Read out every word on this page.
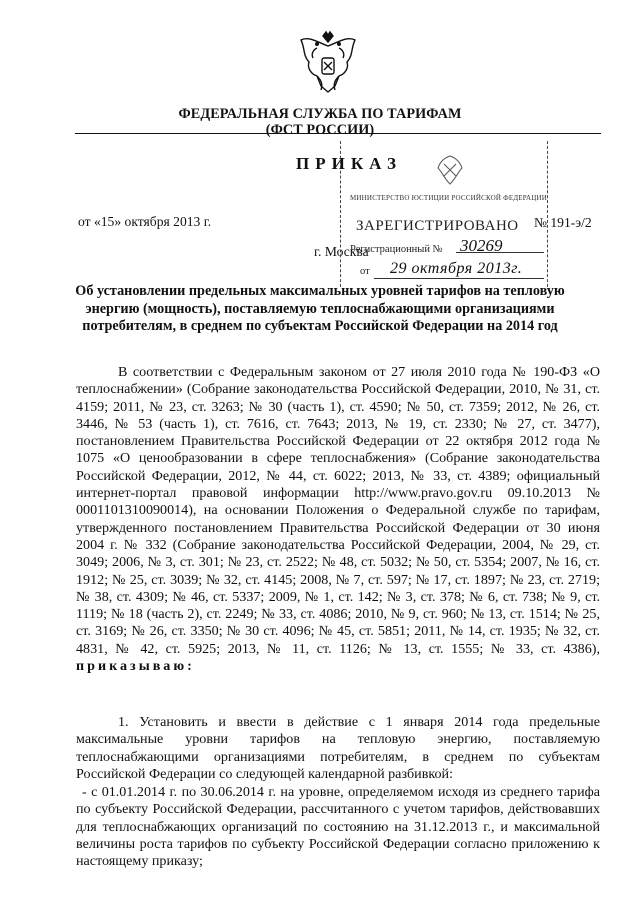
ФЕДЕРАЛЬНАЯ СЛУЖБА ПО ТАРИФАМ
(ФСТ РОССИИ)
ПРИКАЗ
от «15» октября 2013 г.	№ 191-э/2
г. Москва
МИНИСТЕРСТВО ЮСТИЦИИ РОССИЙСКОЙ ФЕДЕРАЦИИ
ЗАРЕГИСТРИРОВАНО
Регистрационный № 30269
от 29 октября 2013г.
Об установлении предельных максимальных уровней тарифов на тепловую энергию (мощность), поставляемую теплоснабжающими организациями потребителям, в среднем по субъектам Российской Федерации на 2014 год
В соответствии с Федеральным законом от 27 июля 2010 года № 190-ФЗ «О теплоснабжении» (Собрание законодательства Российской Федерации, 2010, № 31, ст. 4159; 2011, № 23, ст. 3263; № 30 (часть 1), ст. 4590; № 50, ст. 7359; 2012, № 26, ст. 3446, № 53 (часть 1), ст. 7616, ст. 7643; 2013, № 19, ст. 2330; № 27, ст. 3477), постановлением Правительства Российской Федерации от 22 октября 2012 года № 1075 «О ценообразовании в сфере теплоснабжения» (Собрание законодательства Российской Федерации, 2012, № 44, ст. 6022; 2013, № 33, ст. 4389; официальный интернет-портал правовой информации http://www.pravo.gov.ru 09.10.2013 № 0001101310090014), на основании Положения о Федеральной службе по тарифам, утвержденного постановлением Правительства Российской Федерации от 30 июня 2004 г. № 332 (Собрание законодательства Российской Федерации, 2004, № 29, ст. 3049; 2006, № 3, ст. 301; № 23, ст. 2522; № 48, ст. 5032; № 50, ст. 5354; 2007, № 16, ст. 1912; № 25, ст. 3039; № 32, ст. 4145; 2008, № 7, ст. 597; № 17, ст. 1897; № 23, ст. 2719; № 38, ст. 4309; № 46, ст. 5337; 2009, № 1, ст. 142; № 3, ст. 378; № 6, ст. 738; № 9, ст. 1119; № 18 (часть 2), ст. 2249; № 33, ст. 4086; 2010, № 9, ст. 960; № 13, ст. 1514; № 25, ст. 3169; № 26, ст. 3350; № 30 ст. 4096; № 45, ст. 5851; 2011, № 14, ст. 1935; № 32, ст. 4831, № 42, ст. 5925; 2013, № 11, ст. 1126; № 13, ст. 1555; № 33, ст. 4386), приказываю:
1. Установить и ввести в действие с 1 января 2014 года предельные максимальные уровни тарифов на тепловую энергию, поставляемую теплоснабжающими организациями потребителям, в среднем по субъектам Российской Федерации со следующей календарной разбивкой:
- с 01.01.2014 г. по 30.06.2014 г. на уровне, определяемом исходя из среднего тарифа по субъекту Российской Федерации, рассчитанного с учетом тарифов, действовавших для теплоснабжающих организаций по состоянию на 31.12.2013 г., и максимальной величины роста тарифов по субъекту Российской Федерации согласно приложению к настоящему приказу;
